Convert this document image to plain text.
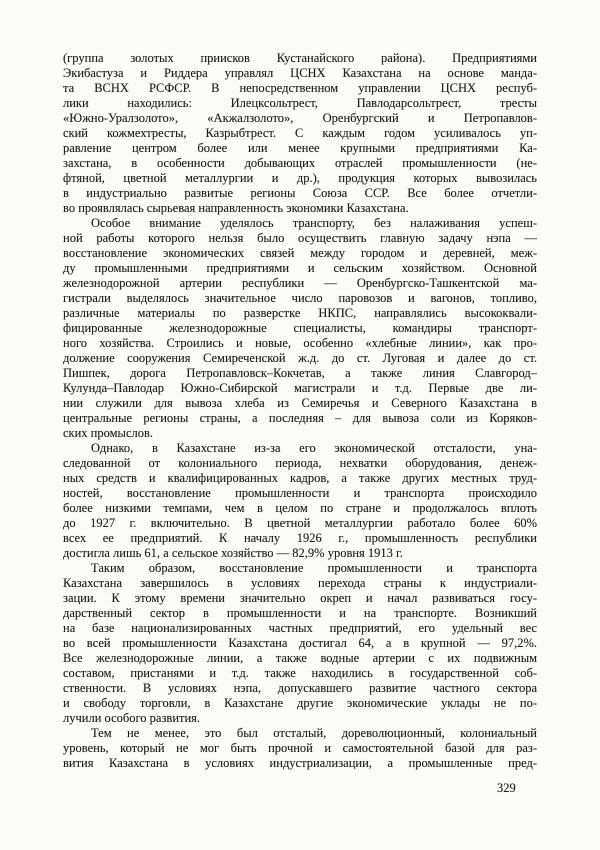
(группа золотых приисков Кустанайского района). Предприятиями
Экибастуза и Риддера управлял ЦСНХ Казахстана на основе манда-
та ВСНХ РСФСР. В непосредственном управлении ЦСНХ респуб-
лики находились: Илецксольтрест, Павлодарсольтрест, тресты
«Южно-Уралзолото», «Акжалзолото», Оренбургский и Петропавлов-
ский кожмехтресты, Казрыбтрест. С каждым годом усиливалось уп-
равление центром более или менее крупными предприятиями Ка-
захстана, в особенности добывающих отраслей промышленности (не-
фтяной, цветной металлургии и др.), продукция которых вывозилась
в индустриально развитые регионы Союза ССР. Все более отчетли-
во проявлялась сырьевая направленность экономики Казахстана.
Особое внимание уделялось транспорту, без налаживания успеш-
ной работы которого нельзя было осуществить главную задачу нэпа —
восстановление экономических связей между городом и деревней, меж-
ду промышленными предприятиями и сельским хозяйством. Основной
железнодорожной артерии республики — Оренбургско-Ташкентской ма-
гистрали выделялось значительное число паровозов и вагонов, топливо,
различные материалы по разверстке НКПС, направлялись высококвали-
фицированные железнодорожные специалисты, командиры транспорт-
ного хозяйства. Строились и новые, особенно «хлебные линии», как про-
должение сооружения Семиреченской ж.д. до ст. Луговая и далее до ст.
Пишпек, дорога Петропавловск–Кокчетав, а также линия Славгород–
Кулунда–Павлодар Южно-Сибирской магистрали и т.д. Первые две ли-
нии служили для вывоза хлеба из Семиречья и Северного Казахстана в
центральные регионы страны, а последняя – для вывоза соли из Коряков-
ских промыслов.
Однако, в Казахстане из-за его экономической отсталости, уна-
следованной от колониального периода, нехватки оборудования, денеж-
ных средств и квалифицированных кадров, а также других местных труд-
ностей, восстановление промышленности и транспорта происходило
более низкими темпами, чем в целом по стране и продолжалось вплоть
до 1927 г. включительно. В цветной металлургии работало более 60%
всех ее предприятий. К началу 1926 г., промышленность республики
достигла лишь 61, а сельское хозяйство — 82,9% уровня 1913 г.
Таким образом, восстановление промышленности и транспорта
Казахстана завершилось в условиях перехода страны к индустриали-
зации. К этому времени значительно окреп и начал развиваться госу-
дарственный сектор в промышленности и на транспорте. Возникший
на базе национализированных частных предприятий, его удельный вес
во всей промышленности Казахстана достигал 64, а в крупной — 97,2%.
Все железнодорожные линии, а также водные артерии с их подвижным
составом, пристанями и т.д. также находились в государственной соб-
ственности. В условиях нэпа, допускавшего развитие частного сектора
и свободу торговли, в Казахстане другие экономические уклады не по-
лучили особого развития.
Тем не менее, это был отсталый, дореволюционный, колониальный
уровень, который не мог быть прочной и самостоятельной базой для раз-
вития Казахстана в условиях индустриализации, а промышленные пред-
329
